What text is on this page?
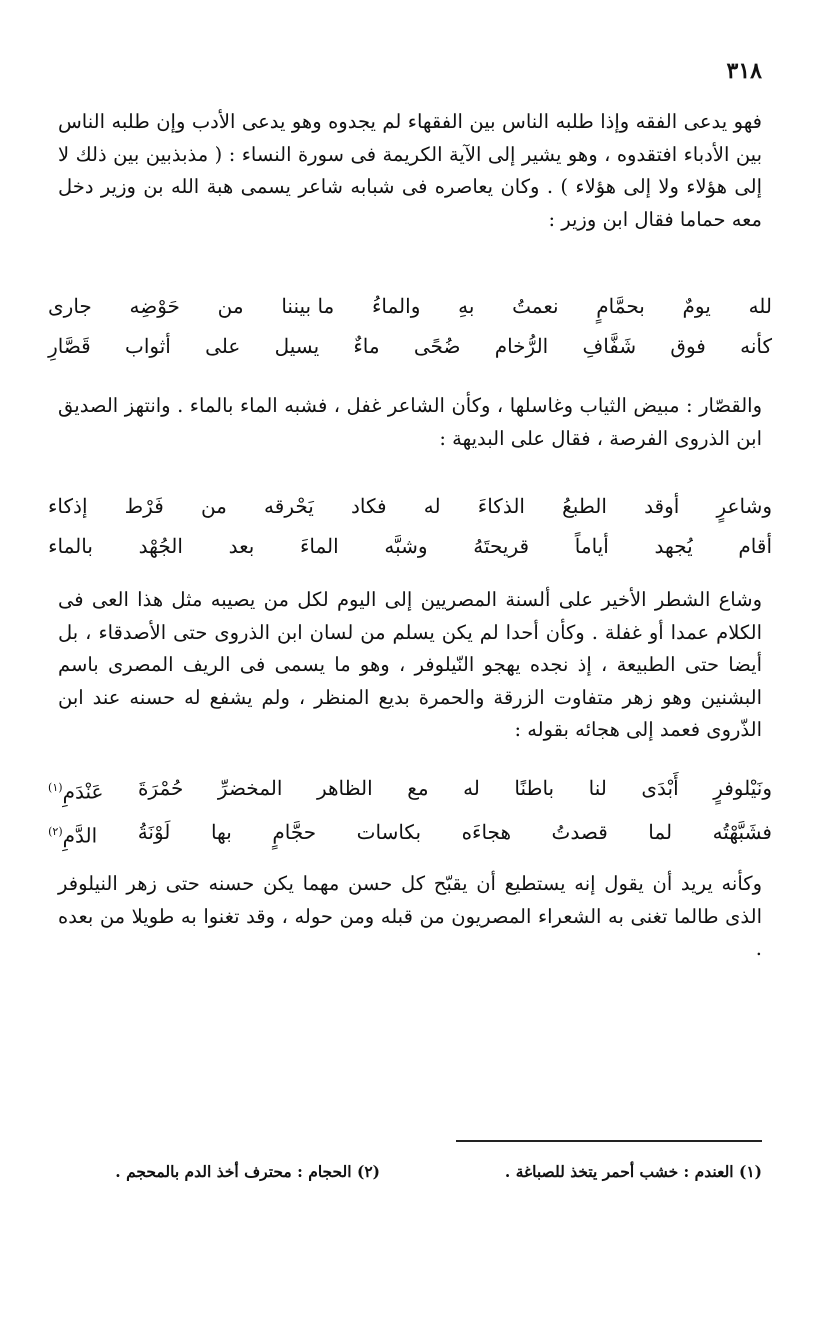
٣١٨

فهو يدعى الفقه وإذا طلبه الناس بين الفقهاء لم يجدوه وهو يدعى الأدب وإن طلبه الناس بين الأدباء افتقدوه ، وهو يشير إلى الآية الكريمة فى سورة النساء : ( مذبذبين بين ذلك لا إلى هؤلاء ولا إلى هؤلاء ) . وكان يعاصره فى شبابه شاعر يسمى هبة الله بن وزير دخل معه حماما فقال ابن وزير :

لله
يومٌ
بحمَّامٍ
نعمتُ
بهِ
والماءُ
ما بيننا
من
حَوْضِه
جارى
كأنه
فوق
شَفَّافِ
الرُّخام
ضُحًى
ماءٌ
يسيل
على
أثواب
قَصَّارِ

والقصّار : مبيض الثياب وغاسلها ، وكأن الشاعر غفل ، فشبه الماء بالماء . وانتهز الصديق ابن الذروى الفرصة ، فقال على البديهة :

وشاعرٍ
أوقد
الطبعُ
الذكاءَ
له
فكاد
يَحْرقه
من
فَرْط
إذكاء
أقام
يُجهد
أياماً
قريحتَهُ
وشبَّه
الماءَ
بعد
الجُهْد
بالماء

وشاع الشطر الأخير على ألسنة المصريين إلى اليوم لكل من يصيبه مثل هذا العى فى الكلام عمدا أو غفلة . وكأن أحدا لم يكن يسلم من لسان ابن الذروى حتى الأصدقاء ، بل أيضا حتى الطبيعة ، إذ نجده يهجو النّيلوفر ، وهو ما يسمى فى الريف المصرى باسم البشنين وهو زهر متفاوت الزرقة والحمرة بديع المنظر ، ولم يشفع له حسنه عند ابن الذّروى فعمد إلى هجائه بقوله :

ونَيْلوفرٍ
أَبْدَى
لنا
باطنًا
له
مع
الظاهر
المخضرِّ
حُمْرَةَ
عَنْدَمِ$^{(١)}$
فشَبَّهْتُه
لما
قصدتُ
هجاءَه
بكاسات
حجَّامٍ
بها
لَوْنَةُ
الدَّمِ$^{(٢)}$

وكأنه يريد أن يقول إنه يستطيع أن يقبّح كل حسن مهما يكن حسنه حتى زهر النيلوفر الذى طالما تغنى به الشعراء المصريون من قبله ومن حوله ، وقد تغنوا به طويلا من بعده .

(١) العندم : خشب أحمر يتخذ للصباغة .
(٢) الحجام : محترف أخذ الدم بالمحجم .
